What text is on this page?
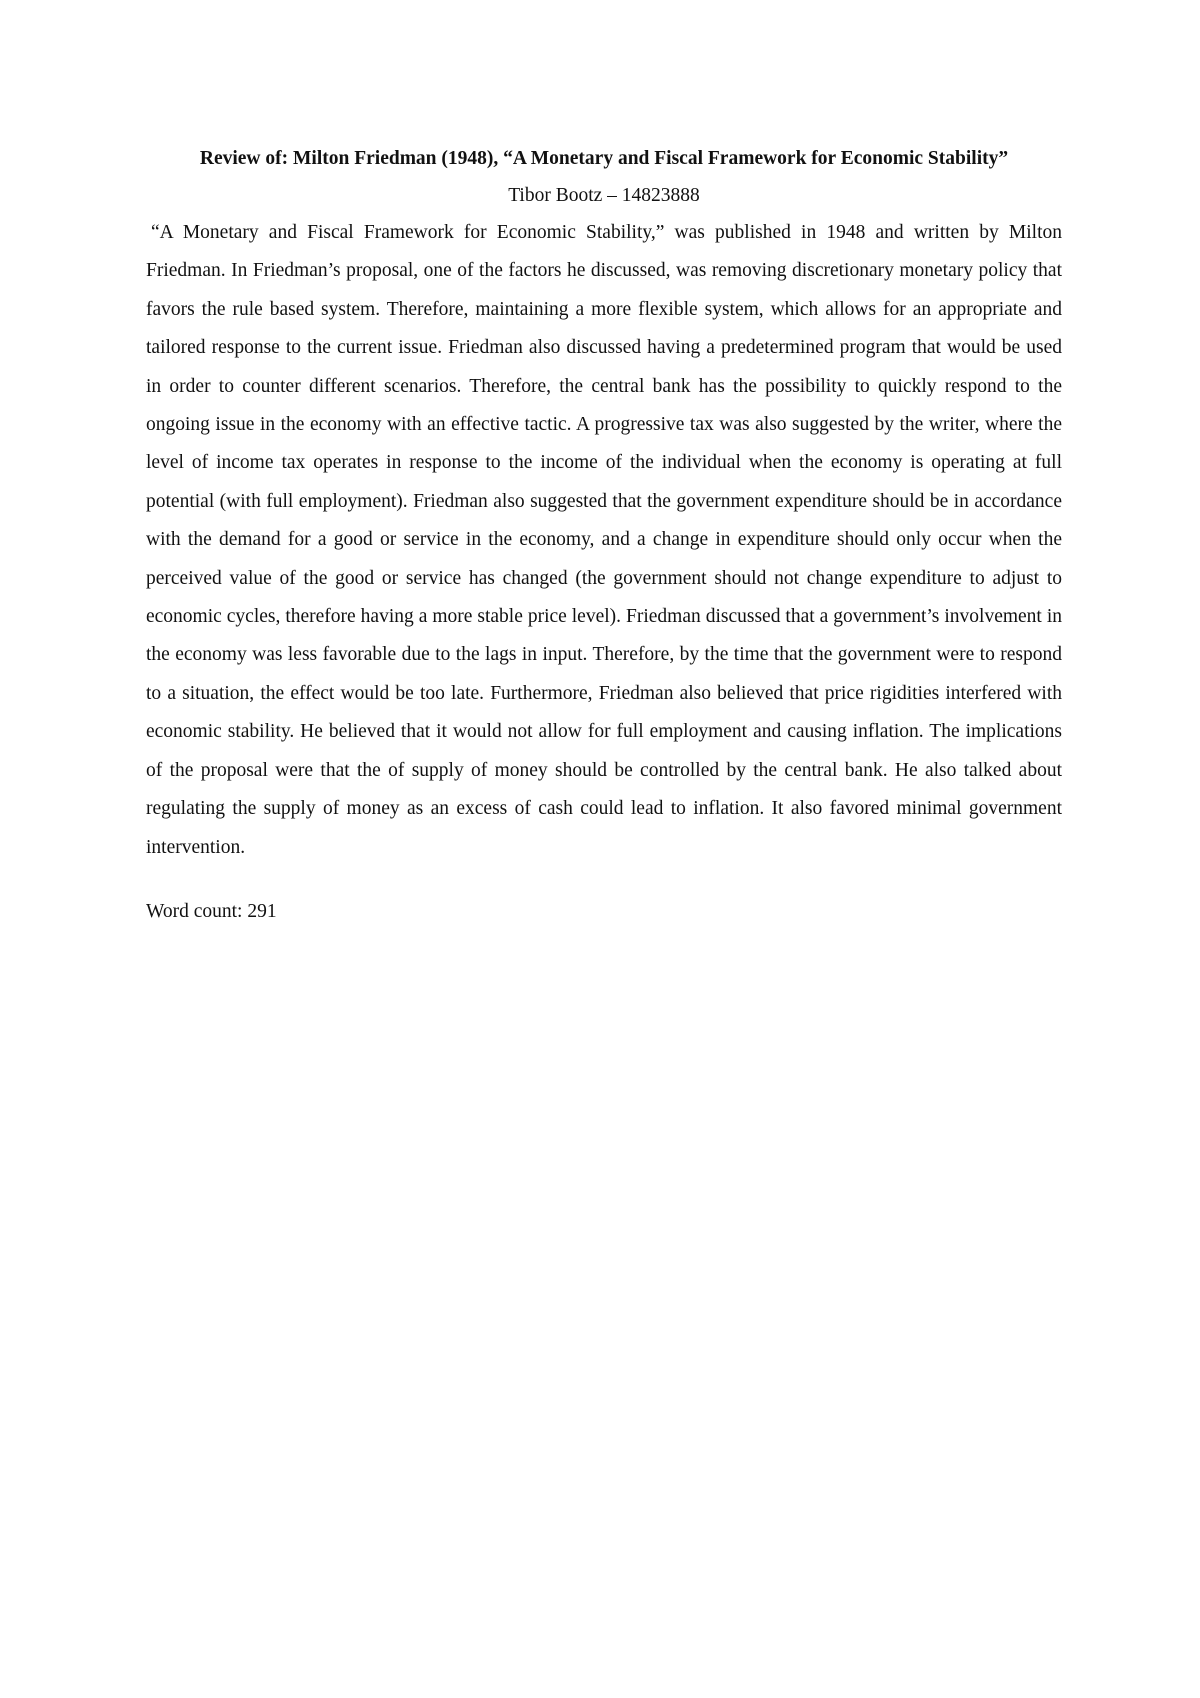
Review of: Milton Friedman (1948), “A Monetary and Fiscal Framework for Economic Stability”

Tibor Bootz – 14823888

“A Monetary and Fiscal Framework for Economic Stability,” was published in 1948 and written by Milton Friedman. In Friedman’s proposal, one of the factors he discussed, was removing discretionary monetary policy that favors the rule based system. Therefore, maintaining a more flexible system, which allows for an appropriate and tailored response to the current issue. Friedman also discussed having a predetermined program that would be used in order to counter different scenarios. Therefore, the central bank has the possibility to quickly respond to the ongoing issue in the economy with an effective tactic. A progressive tax was also suggested by the writer, where the level of income tax operates in response to the income of the individual when the economy is operating at full potential (with full employment). Friedman also suggested that the government expenditure should be in accordance with the demand for a good or service in the economy, and a change in expenditure should only occur when the perceived value of the good or service has changed (the government should not change expenditure to adjust to economic cycles, therefore having a more stable price level). Friedman discussed that a government’s involvement in the economy was less favorable due to the lags in input. Therefore, by the time that the government were to respond to a situation, the effect would be too late. Furthermore, Friedman also believed that price rigidities interfered with economic stability. He believed that it would not allow for full employment and causing inflation. The implications of the proposal were that the of supply of money should be controlled by the central bank. He also talked about regulating the supply of money as an excess of cash could lead to inflation. It also favored minimal government intervention.

Word count: 291
